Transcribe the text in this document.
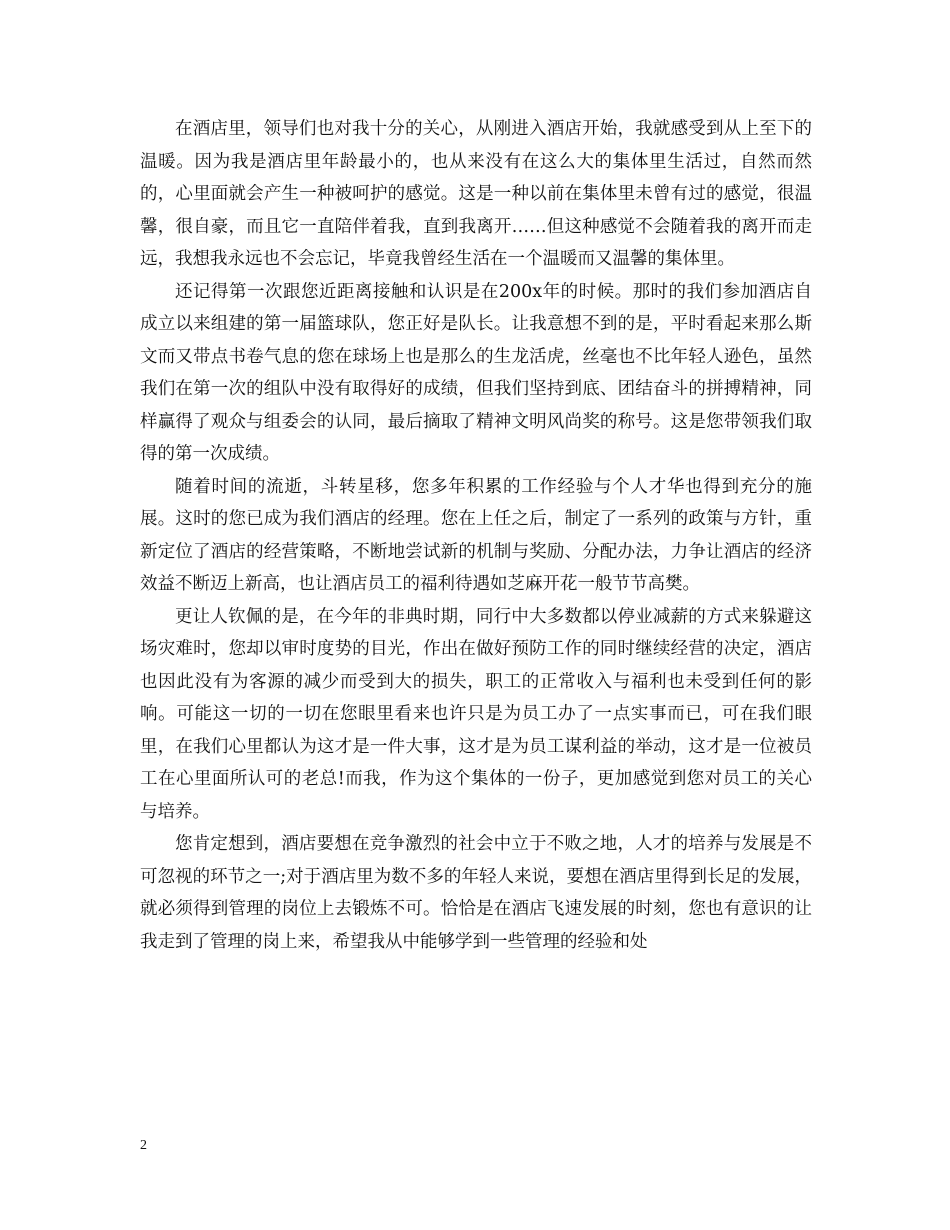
在酒店里，领导们也对我十分的关心，从刚进入酒店开始，我就感受到从上至下的温暖。因为我是酒店里年龄最小的，也从来没有在这么大的集体里生活过，自然而然的，心里面就会产生一种被呵护的感觉。这是一种以前在集体里未曾有过的感觉，很温馨，很自豪，而且它一直陪伴着我，直到我离开……但这种感觉不会随着我的离开而走远，我想我永远也不会忘记，毕竟我曾经生活在一个温暖而又温馨的集体里。

还记得第一次跟您近距离接触和认识是在200x年的时候。那时的我们参加酒店自成立以来组建的第一届篮球队，您正好是队长。让我意想不到的是，平时看起来那么斯文而又带点书卷气息的您在球场上也是那么的生龙活虎，丝毫也不比年轻人逊色，虽然我们在第一次的组队中没有取得好的成绩，但我们坚持到底、团结奋斗的拼搏精神，同样赢得了观众与组委会的认同，最后摘取了精神文明风尚奖的称号。这是您带领我们取得的第一次成绩。

随着时间的流逝，斗转星移，您多年积累的工作经验与个人才华也得到充分的施展。这时的您已成为我们酒店的经理。您在上任之后，制定了一系列的政策与方针，重新定位了酒店的经营策略，不断地尝试新的机制与奖励、分配办法，力争让酒店的经济效益不断迈上新高，也让酒店员工的福利待遇如芝麻开花一般节节高樊。

更让人钦佩的是，在今年的非典时期，同行中大多数都以停业减薪的方式来躲避这场灾难时，您却以审时度势的目光，作出在做好预防工作的同时继续经营的决定，酒店也因此没有为客源的减少而受到大的损失，职工的正常收入与福利也未受到任何的影响。可能这一切的一切在您眼里看来也许只是为员工办了一点实事而已，可在我们眼里，在我们心里都认为这才是一件大事，这才是为员工谋利益的举动，这才是一位被员工在心里面所认可的老总!而我，作为这个集体的一份子，更加感觉到您对员工的关心与培养。

您肯定想到，酒店要想在竞争激烈的社会中立于不败之地，人才的培养与发展是不可忽视的环节之一;对于酒店里为数不多的年轻人来说，要想在酒店里得到长足的发展，就必须得到管理的岗位上去锻炼不可。恰恰是在酒店飞速发展的时刻，您也有意识的让我走到了管理的岗上来，希望我从中能够学到一些管理的经验和处

2
